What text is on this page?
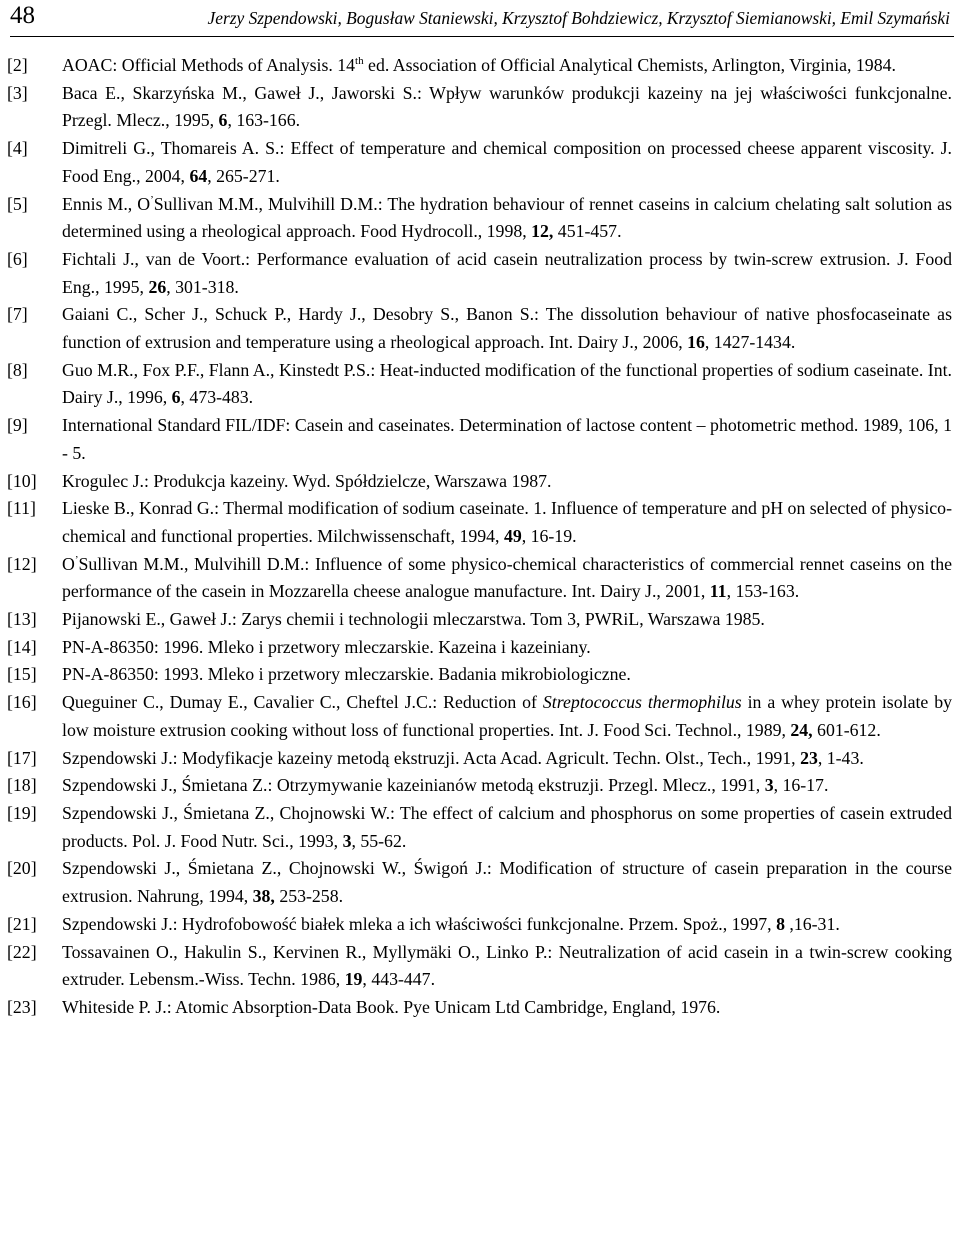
48	Jerzy Szpendowski, Bogusław Staniewski, Krzysztof Bohdziewicz, Krzysztof Siemianowski, Emil Szymański
[2] AOAC: Official Methods of Analysis. 14th ed. Association of Official Analytical Chemists, Arlington, Virginia, 1984.
[3] Baca E., Skarzyńska M., Gaweł J., Jaworski S.: Wpływ warunków produkcji kazeiny na jej właściwości funkcjonalne. Przegl. Mlecz., 1995, 6, 163-166.
[4] Dimitreli G., Thomareis A. S.: Effect of temperature and chemical composition on processed cheese apparent viscosity. J. Food Eng., 2004, 64, 265-271.
[5] Ennis M., O’Sullivan M.M., Mulvihill D.M.: The hydration behaviour of rennet caseins in calcium chelating salt solution as determined using a rheological approach. Food Hydrocoll., 1998, 12, 451-457.
[6] Fichtali J., van de Voort.: Performance evaluation of acid casein neutralization process by twin-screw extrusion. J. Food Eng., 1995, 26, 301-318.
[7] Gaiani C., Scher J., Schuck P., Hardy J., Desobry S., Banon S.: The dissolution behaviour of native phosfocaseinate as function of extrusion and temperature using a rheological approach. Int. Dairy J., 2006, 16, 1427-1434.
[8] Guo M.R., Fox P.F., Flann A., Kinstedt P.S.: Heat-inducted modification of the functional properties of sodium caseinate. Int. Dairy J., 1996, 6, 473-483.
[9] International Standard FIL/IDF: Casein and caseinates. Determination of lactose content – photometric method. 1989, 106, 1 - 5.
[10] Krogulec J.: Produkcja kazeiny. Wyd. Spółdzielcze, Warszawa 1987.
[11] Lieske B., Konrad G.: Thermal modification of sodium caseinate. 1. Influence of temperature and pH on selected of physico-chemical and functional properties. Milchwissenschaft, 1994, 49, 16-19.
[12] O’Sullivan M.M., Mulvihill D.M.: Influence of some physico-chemical characteristics of commercial rennet caseins on the performance of the casein in Mozzarella cheese analogue manufacture. Int. Dairy J., 2001, 11, 153-163.
[13] Pijanowski E., Gaweł J.: Zarys chemii i technologii mleczarstwa. Tom 3, PWRiL, Warszawa 1985.
[14] PN-A-86350: 1996. Mleko i przetwory mleczarskie. Kazeina i kazeiniany.
[15] PN-A-86350: 1993. Mleko i przetwory mleczarskie. Badania mikrobiologiczne.
[16] Queguiner C., Dumay E., Cavalier C., Cheftel J.C.: Reduction of Streptococcus thermophilus in a whey protein isolate by low moisture extrusion cooking without loss of functional properties. Int. J. Food Sci. Technol., 1989, 24, 601-612.
[17] Szpendowski J.: Modyfikacje kazeiny metodą ekstruzji. Acta Acad. Agricult. Techn. Olst., Tech., 1991, 23, 1-43.
[18] Szpendowski J., Śmietana Z.: Otrzymywanie kazeinianów metodą ekstruzji. Przegl. Mlecz., 1991, 3, 16-17.
[19] Szpendowski J., Śmietana Z., Chojnowski W.: The effect of calcium and phosphorus on some properties of casein extruded products. Pol. J. Food Nutr. Sci., 1993, 3, 55-62.
[20] Szpendowski J., Śmietana Z., Chojnowski W., Świgoń J.: Modification of structure of casein preparation in the course extrusion. Nahrung, 1994, 38, 253-258.
[21] Szpendowski J.: Hydrofobowość białek mleka a ich właściwości funkcjonalne. Przem. Spoż., 1997, 8 ,16-31.
[22] Tossavainen O., Hakulin S., Kervinen R., Myllymäki O., Linko P.: Neutralization of acid casein in a twin-screw cooking extruder. Lebensm.-Wiss. Techn. 1986, 19, 443-447.
[23] Whiteside P. J.: Atomic Absorption-Data Book. Pye Unicam Ltd Cambridge, England, 1976.
